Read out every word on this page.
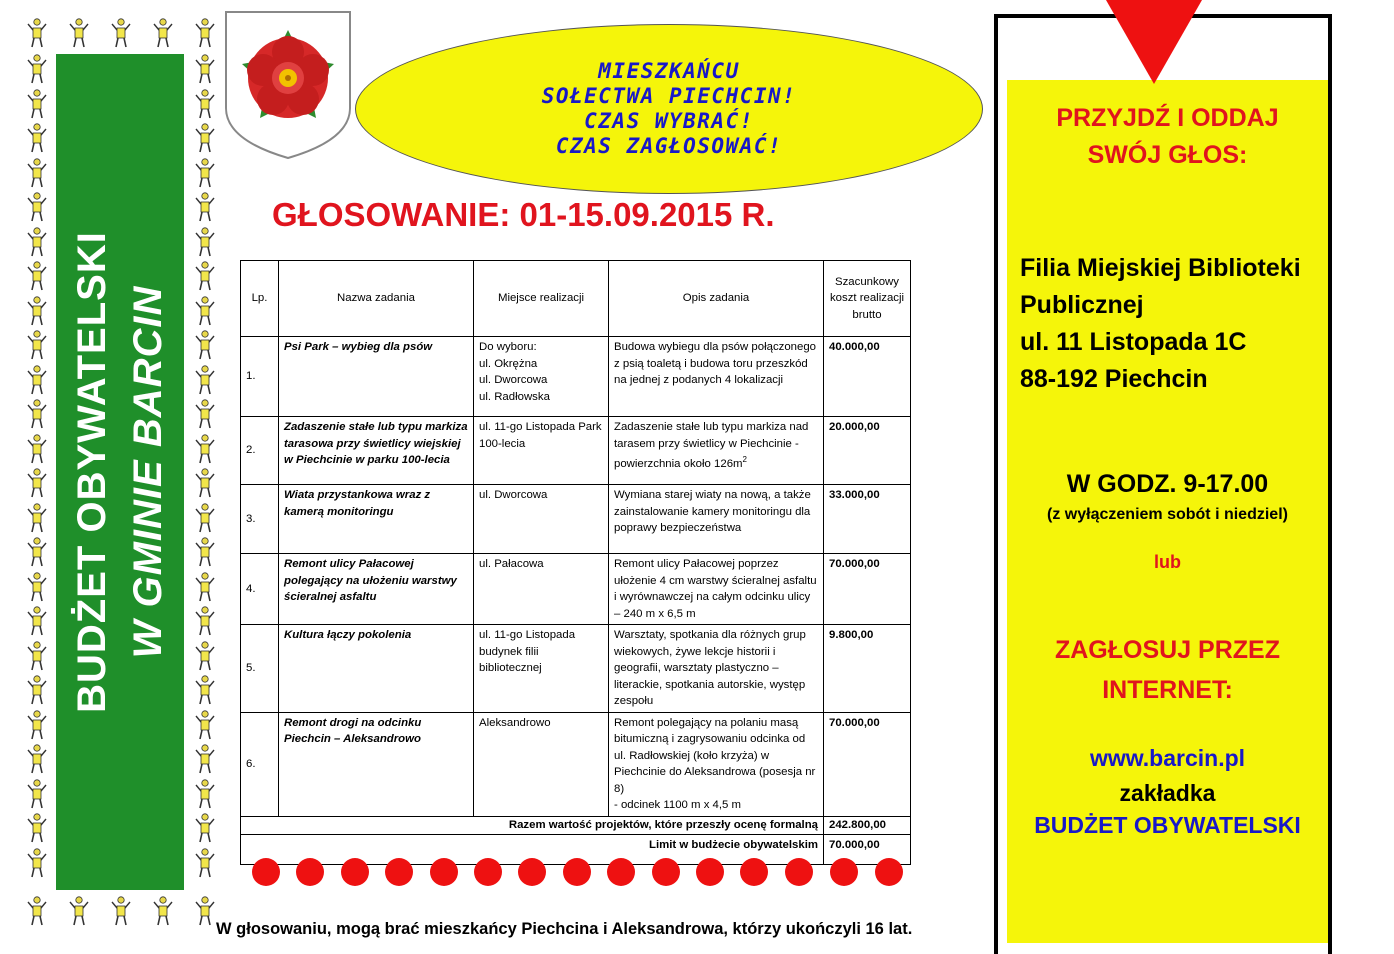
BUDŻET OBYWATELSKI W GMINIE BARCIN
MIESZKAŃCU
SOŁECTWA PIECHCIN!
CZAS WYBRAĆ!
CZAS ZAGŁOSOWAĆ!
GŁOSOWANIE: 01-15.09.2015 R.
Lp.	Nazwa zadania	Miejsce realizacji	Opis zadania	Szacunkowy koszt realizacji brutto
1.	Psi Park – wybieg dla psów	Do wyboru:
ul. Okrężna
ul. Dworcowa
ul. Radłowska	Budowa wybiegu dla psów połączonego z psią toaletą i budowa toru przeszkód na jednej z podanych 4 lokalizacji	40.000,00
2.	Zadaszenie stałe lub typu markiza tarasowa przy świetlicy wiejskiej w Piechcinie w parku 100-lecia	ul. 11-go Listopada Park 100-lecia	Zadaszenie stałe lub typu markiza nad tarasem przy świetlicy w Piechcinie - powierzchnia około $126m^2$	20.000,00
3.	Wiata przystankowa wraz z kamerą monitoringu	ul. Dworcowa	Wymiana starej wiaty na nową, a także zainstalowanie kamery monitoringu dla poprawy bezpieczeństwa	33.000,00
4.	Remont ulicy Pałacowej polegający na ułożeniu warstwy ścieralnej asfaltu	ul. Pałacowa	Remont ulicy Pałacowej poprzez ułożenie 4 cm warstwy ścieralnej asfaltu i wyrównawczej na całym odcinku ulicy – 240 m x 6,5 m	70.000,00
5.	Kultura łączy pokolenia	ul. 11-go Listopada budynek filii bibliotecznej	Warsztaty, spotkania dla różnych grup wiekowych, żywe lekcje historii i geografii, warsztaty plastyczno – literackie, spotkania autorskie, występ zespołu	9.800,00
6.	Remont drogi na odcinku Piechcin – Aleksandrowo	Aleksandrowo	Remont polegający na polaniu masą bitumiczną i zagrysowaniu odcinka od ul. Radłowskiej (koło krzyża) w Piechcinie do Aleksandrowa (posesja nr 8)
- odcinek 1100 m x 4,5 m	70.000,00
Razem wartość projektów, które przeszły ocenę formalną				242.800,00
Limit w budżecie obywatelskim				70.000,00
W głosowaniu, mogą brać mieszkańcy Piechcina i Aleksandrowa, którzy ukończyli 16 lat.
PRZYJDŹ I ODDAJ
SWÓJ GŁOS:
Filia Miejskiej Biblioteki
Publicznej
ul. 11 Listopada 1C
88-192 Piechcin
W GODZ. 9-17.00
(z wyłączeniem sobót i niedziel)
lub
ZAGŁOSUJ PRZEZ
INTERNET:
www.barcin.pl
zakładka
BUDŻET OBYWATELSKI
